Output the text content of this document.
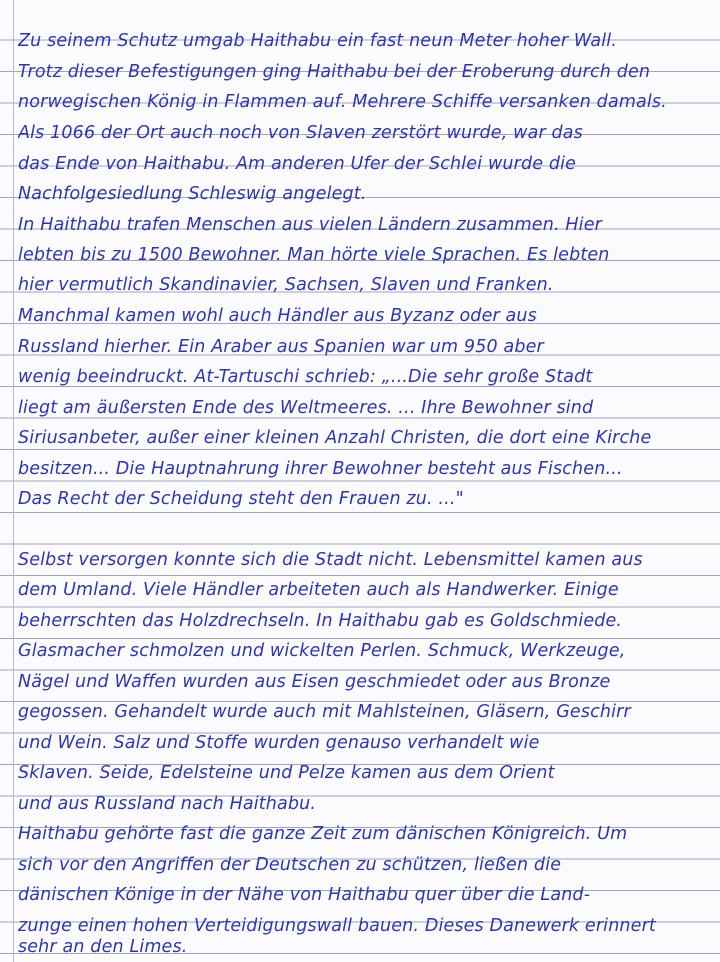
Zu seinem Schutz umgab Haithabu ein fast neun Meter hoher Wall.
Trotz dieser Befestigungen ging Haithabu bei der Eroberung durch den
norwegischen König in Flammen auf. Mehrere Schiffe versanken damals.
Als 1066 der Ort auch noch von Slaven zerstört wurde, war das
das Ende von Haithabu. Am anderen Ufer der Schlei wurde die
Nachfolgesiedlung Schleswig angelegt.
In Haithabu trafen Menschen aus vielen Ländern zusammen. Hier
lebten bis zu 1500 Bewohner. Man hörte viele Sprachen. Es lebten
hier vermutlich Skandinavier, Sachsen, Slaven und Franken.
Manchmal kamen wohl auch Händler aus Byzanz oder aus
Russland hierher. Ein Araber aus Spanien war um 950 aber
wenig beeindruckt. At-Tartuschi schrieb: „...Die sehr große Stadt
liegt am äußersten Ende des Weltmeeres. ... Ihre Bewohner sind
Siriusanbeter, außer einer kleinen Anzahl Christen, die dort eine Kirche
besitzen... Die Hauptnahrung ihrer Bewohner besteht aus Fischen...
Das Recht der Scheidung steht den Frauen zu. ..."
Selbst versorgen konnte sich die Stadt nicht. Lebensmittel kamen aus
dem Umland. Viele Händler arbeiteten auch als Handwerker. Einige
beherrschten das Holzdrechseln. In Haithabu gab es Goldschmiede.
Glasmacher schmolzen und wickelten Perlen. Schmuck, Werkzeuge,
Nägel und Waffen wurden aus Eisen geschmiedet oder aus Bronze
gegossen. Gehandelt wurde auch mit Mahlsteinen, Gläsern, Geschirr
und Wein. Salz und Stoffe wurden genauso verhandelt wie
Sklaven. Seide, Edelsteine und Pelze kamen aus dem Orient
und aus Russland nach Haithabu.
Haithabu gehörte fast die ganze Zeit zum dänischen Königreich. Um
sich vor den Angriffen der Deutschen zu schützen, ließen die
dänischen Könige in der Nähe von Haithabu quer über die Land-
zunge einen hohen Verteidigungswall bauen. Dieses Danewerk erinnert
sehr an den Limes.
